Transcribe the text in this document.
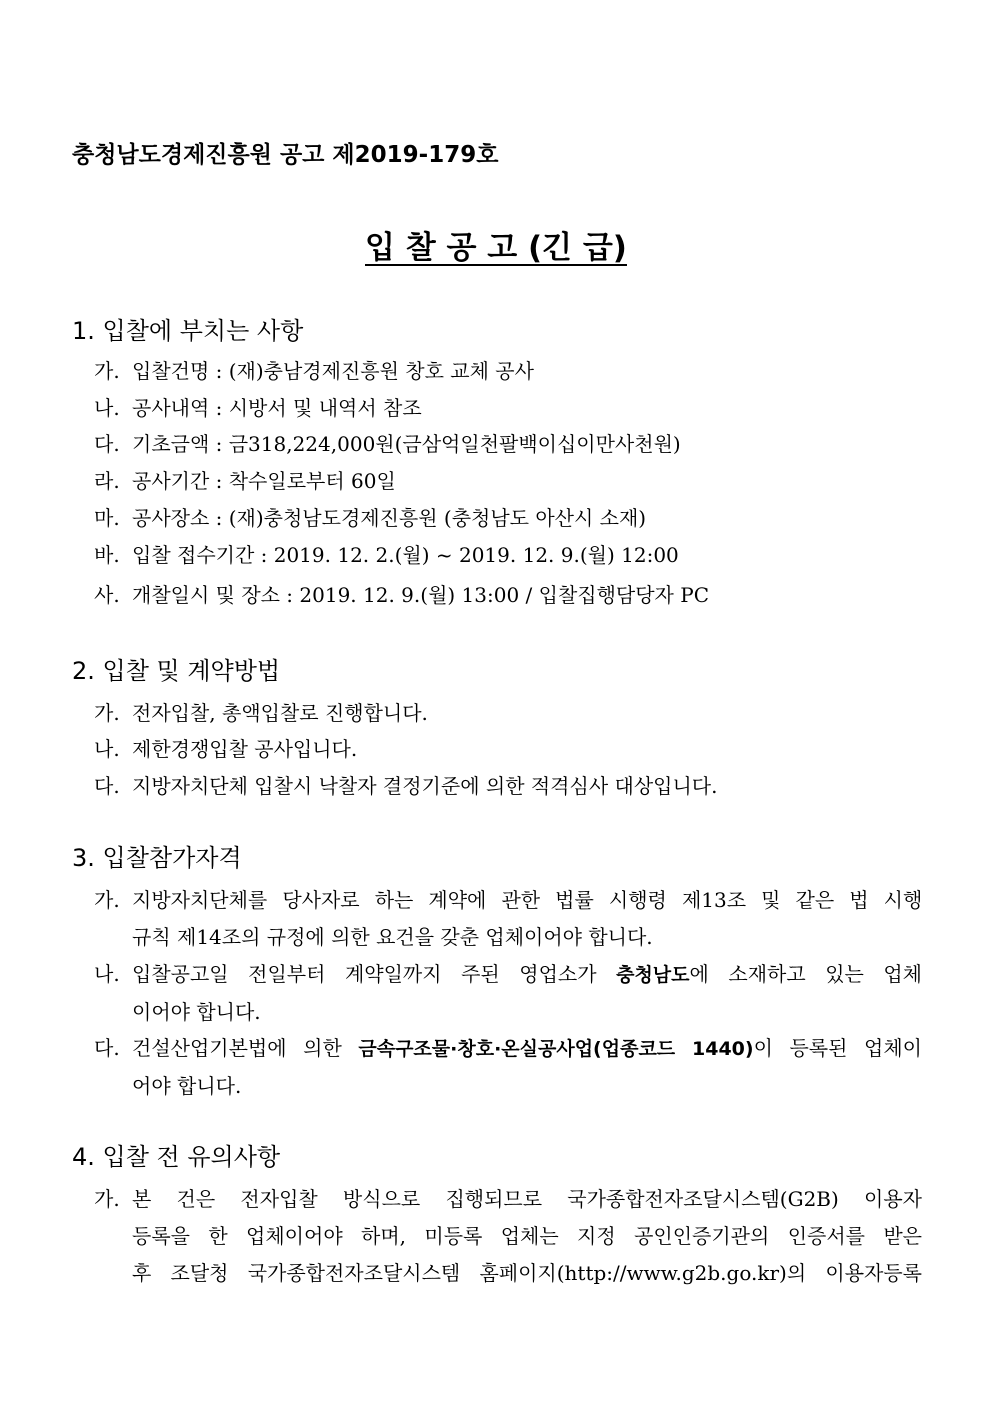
충청남도경제진흥원 공고 제2019-179호
입 찰 공 고 (긴 급)
1. 입찰에 부치는 사항
가. 입찰건명 : (재)충남경제진흥원 창호 교체 공사
나. 공사내역 : 시방서 및 내역서 참조
다. 기초금액 : 금318,224,000원(금삼억일천팔백이십이만사천원)
라. 공사기간 : 착수일로부터 60일
마. 공사장소 : (재)충청남도경제진흥원 (충청남도 아산시 소재)
바. 입찰 접수기간 : 2019. 12. 2.(월) ~ 2019. 12. 9.(월) 12:00
사. 개찰일시 및 장소 : 2019. 12. 9.(월) 13:00 / 입찰집행담당자 PC
2. 입찰 및 계약방법
가. 전자입찰, 총액입찰로 진행합니다.
나. 제한경쟁입찰 공사입니다.
다. 지방자치단체 입찰시 낙찰자 결정기준에 의한 적격심사 대상입니다.
3. 입찰참가자격
가. 지방자치단체를 당사자로 하는 계약에 관한 법률 시행령 제13조 및 같은 법 시행
규칙 제14조의 규정에 의한 요건을 갖춘 업체이어야 합니다.
나. 입찰공고일 전일부터 계약일까지 주된 영업소가 충청남도에 소재하고 있는 업체
이어야 합니다.
다. 건설산업기본법에 의한 금속구조물·창호·온실공사업(업종코드 1440)이 등록된 업체이
어야 합니다.
4. 입찰 전 유의사항
가. 본 건은 전자입찰 방식으로 집행되므로 국가종합전자조달시스템(G2B) 이용자
등록을 한 업체이어야 하며, 미등록 업체는 지정 공인인증기관의 인증서를 받은
후 조달청 국가종합전자조달시스템 홈페이지(http://www.g2b.go.kr)의 이용자등록
